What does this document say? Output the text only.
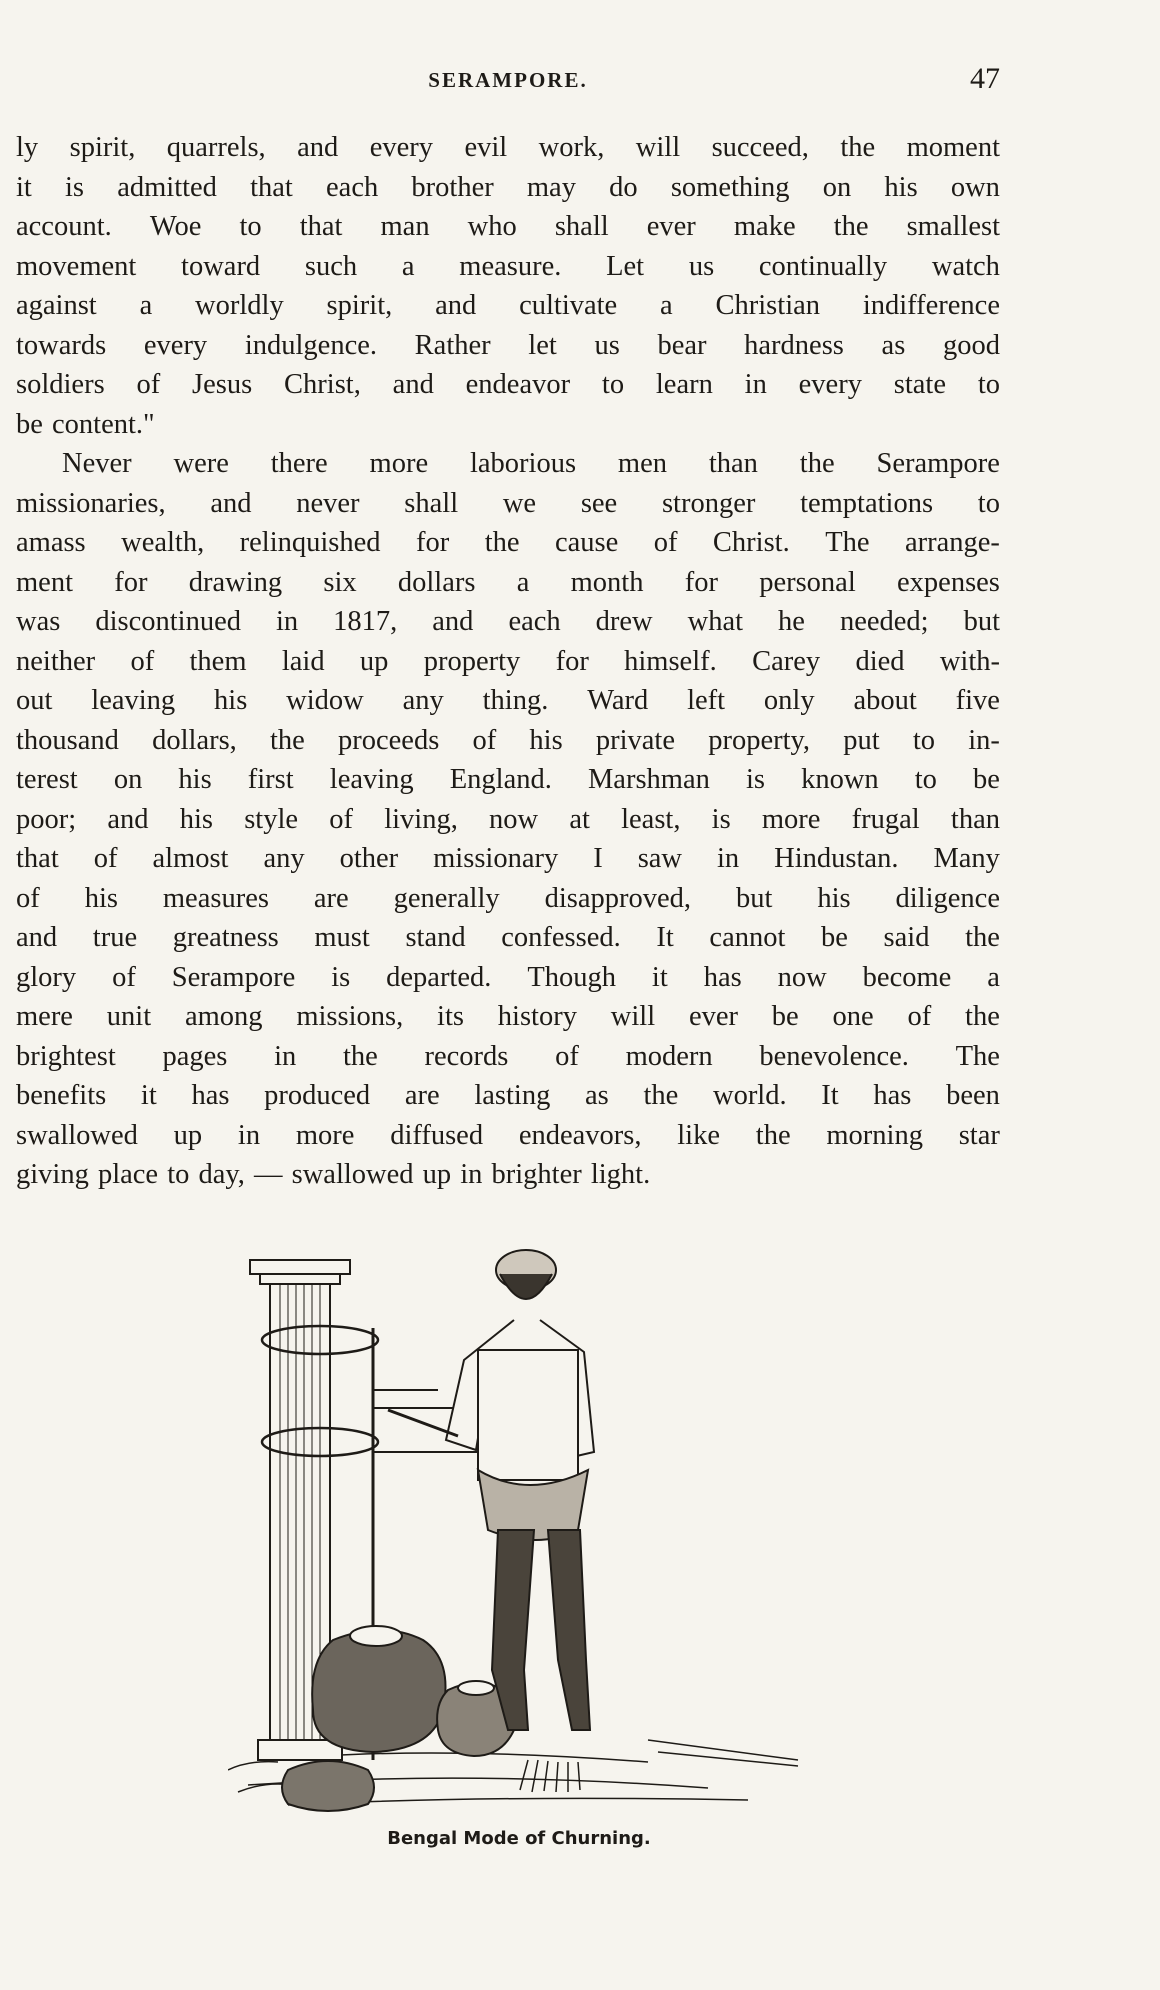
SERAMPORE.	47
ly spirit, quarrels, and every evil work, will succeed, the moment
it is admitted that each brother may do something on his own
account. Woe to that man who shall ever make the smallest
movement toward such a measure. Let us continually watch
against a worldly spirit, and cultivate a Christian indifference
towards every indulgence. Rather let us bear hardness as good
soldiers of Jesus Christ, and endeavor to learn in every state to
be content."
Never were there more laborious men than the Serampore
missionaries, and never shall we see stronger temptations to
amass wealth, relinquished for the cause of Christ. The arrange-
ment for drawing six dollars a month for personal expenses
was discontinued in 1817, and each drew what he needed; but
neither of them laid up property for himself. Carey died with-
out leaving his widow any thing. Ward left only about five
thousand dollars, the proceeds of his private property, put to in-
terest on his first leaving England. Marshman is known to be
poor; and his style of living, now at least, is more frugal than
that of almost any other missionary I saw in Hindustan. Many
of his measures are generally disapproved, but his diligence
and true greatness must stand confessed. It cannot be said the
glory of Serampore is departed. Though it has now become a
mere unit among missions, its history will ever be one of the
brightest pages in the records of modern benevolence. The
benefits it has produced are lasting as the world. It has been
swallowed up in more diffused endeavors, like the morning star
giving place to day, — swallowed up in brighter light.
Bengal Mode of Churning.
